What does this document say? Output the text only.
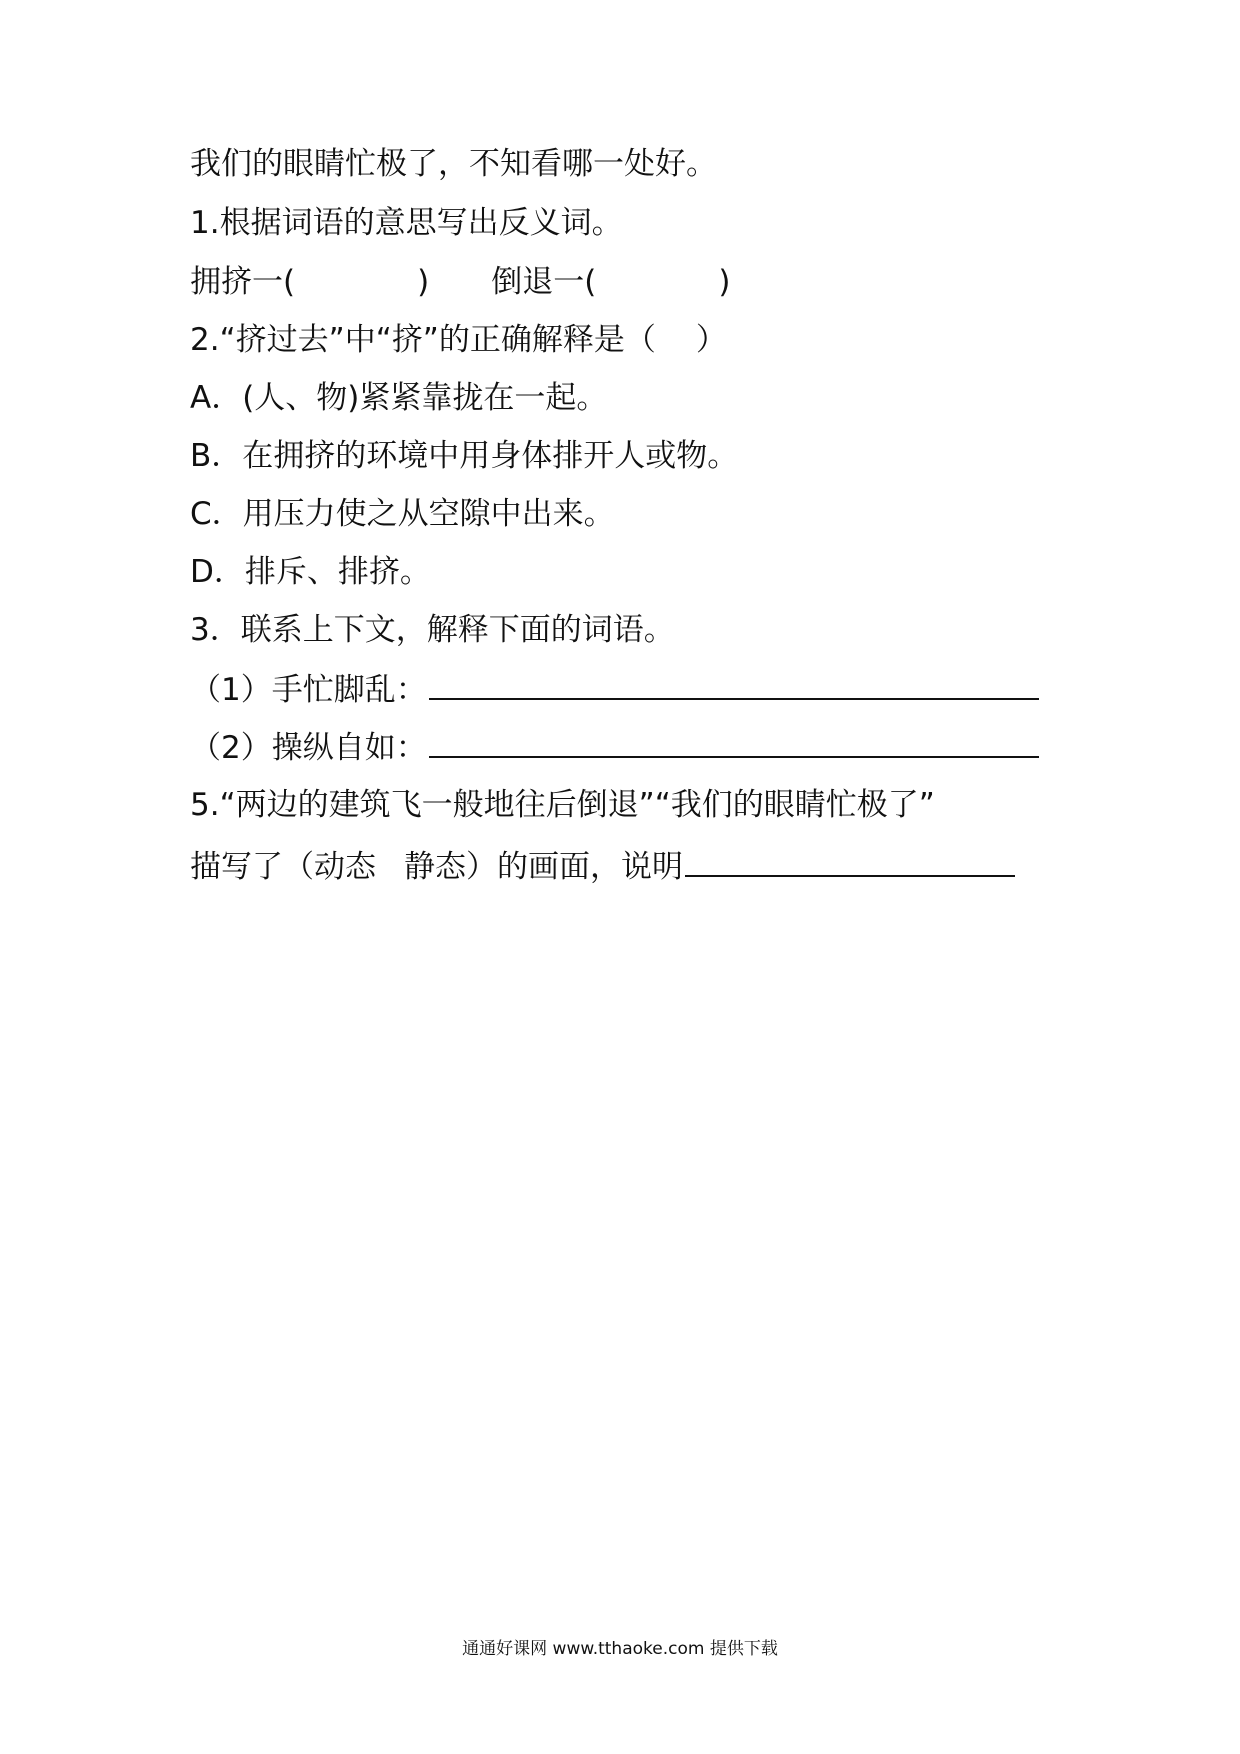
我们的眼睛忙极了，不知看哪一处好。
1.根据词语的意思写出反义词。
拥挤一(	) 倒退一(	)
2.“挤过去”中“挤”的正确解释是（ ）
A．(人、物)紧紧靠拢在一起。
B．在拥挤的环境中用身体排开人或物。
C．用压力使之从空隙中出来。
D．排斥、排挤。
3．联系上下文，解释下面的词语。
（1）手忙脚乱：
（2）操纵自如：
5.“两边的建筑飞一般地往后倒退”“我们的眼睛忙极了”
描写了（动态 静态）的画面，说明
通通好课网 www.tthaoke.com 提供下载
